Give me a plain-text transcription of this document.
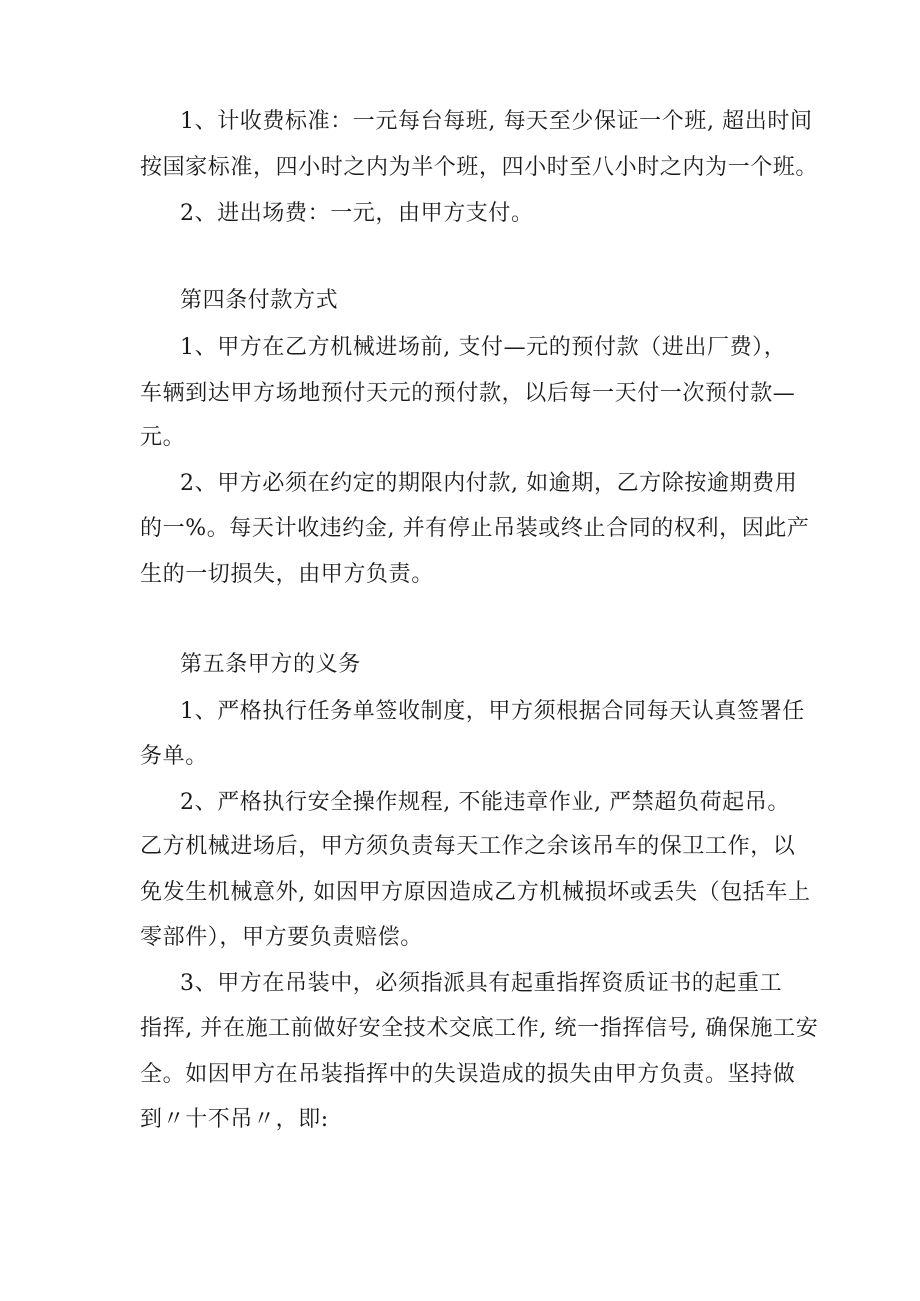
1、计收费标准：一元每台每班, 每天至少保证一个班, 超出时间
按国家标准，四小时之内为半个班，四小时至八小时之内为一个班。
2、进出场费：一元，由甲方支付。
第四条付款方式
1、甲方在乙方机械进场前, 支付—元的预付款（进出厂费），
车辆到达甲方场地预付天元的预付款，以后每一天付一次预付款—
元。
2、甲方必须在约定的期限内付款, 如逾期，乙方除按逾期费用
的一%。每天计收违约金, 并有停止吊装或终止合同的权利，因此产
生的一切损失，由甲方负责。
第五条甲方的义务
1、严格执行任务单签收制度，甲方须根据合同每天认真签署任
务单。
2、严格执行安全操作规程, 不能违章作业, 严禁超负荷起吊。
乙方机械进场后，甲方须负责每天工作之余该吊车的保卫工作，以
免发生机械意外, 如因甲方原因造成乙方机械损坏或丢失（包括车上
零部件），甲方要负责赔偿。
3、甲方在吊装中，必须指派具有起重指挥资质证书的起重工
指挥, 并在施工前做好安全技术交底工作, 统一指挥信号, 确保施工安
全。如因甲方在吊装指挥中的失误造成的损失由甲方负责。坚持做
到〃十不吊〃，即:
